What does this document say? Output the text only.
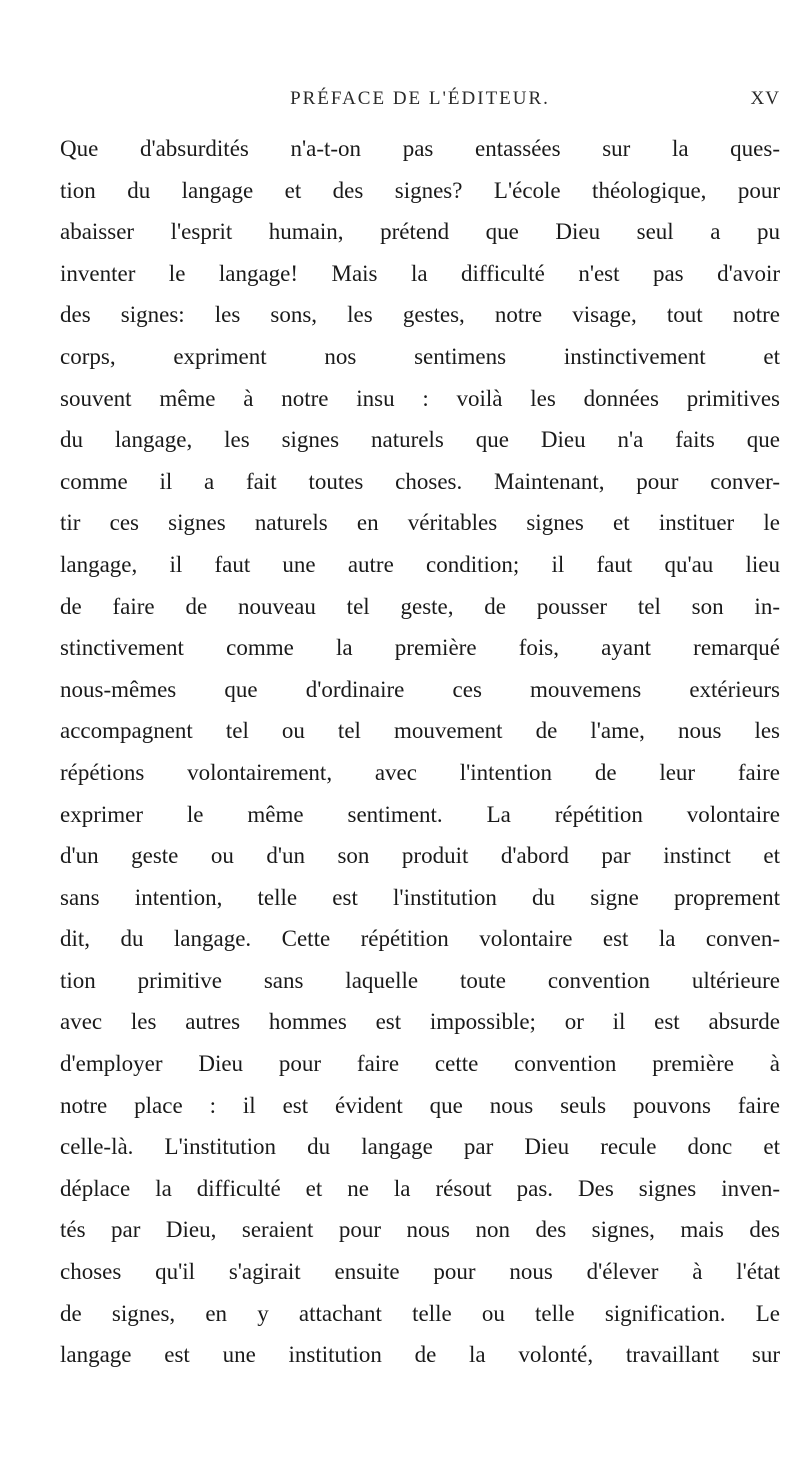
PRÉFACE DE L'ÉDITEUR.	XV
Que d'absurdités n'a-t-on pas entassées sur la ques-
tion du langage et des signes? L'école théologique, pour
abaisser l'esprit humain, prétend que Dieu seul a pu
inventer le langage! Mais la difficulté n'est pas d'avoir
des signes: les sons, les gestes, notre visage, tout notre
corps, expriment nos sentimens instinctivement et
souvent même à notre insu : voilà les données primitives
du langage, les signes naturels que Dieu n'a faits que
comme il a fait toutes choses. Maintenant, pour conver-
tir ces signes naturels en véritables signes et instituer le
langage, il faut une autre condition; il faut qu'au lieu
de faire de nouveau tel geste, de pousser tel son in-
stinctivement comme la première fois, ayant remarqué
nous-mêmes que d'ordinaire ces mouvemens extérieurs
accompagnent tel ou tel mouvement de l'ame, nous les
répétions volontairement, avec l'intention de leur faire
exprimer le même sentiment. La répétition volontaire
d'un geste ou d'un son produit d'abord par instinct et
sans intention, telle est l'institution du signe proprement
dit, du langage. Cette répétition volontaire est la conven-
tion primitive sans laquelle toute convention ultérieure
avec les autres hommes est impossible; or il est absurde
d'employer Dieu pour faire cette convention première à
notre place : il est évident que nous seuls pouvons faire
celle-là. L'institution du langage par Dieu recule donc et
déplace la difficulté et ne la résout pas. Des signes inven-
tés par Dieu, seraient pour nous non des signes, mais des
choses qu'il s'agirait ensuite pour nous d'élever à l'état
de signes, en y attachant telle ou telle signification. Le
langage est une institution de la volonté, travaillant sur
